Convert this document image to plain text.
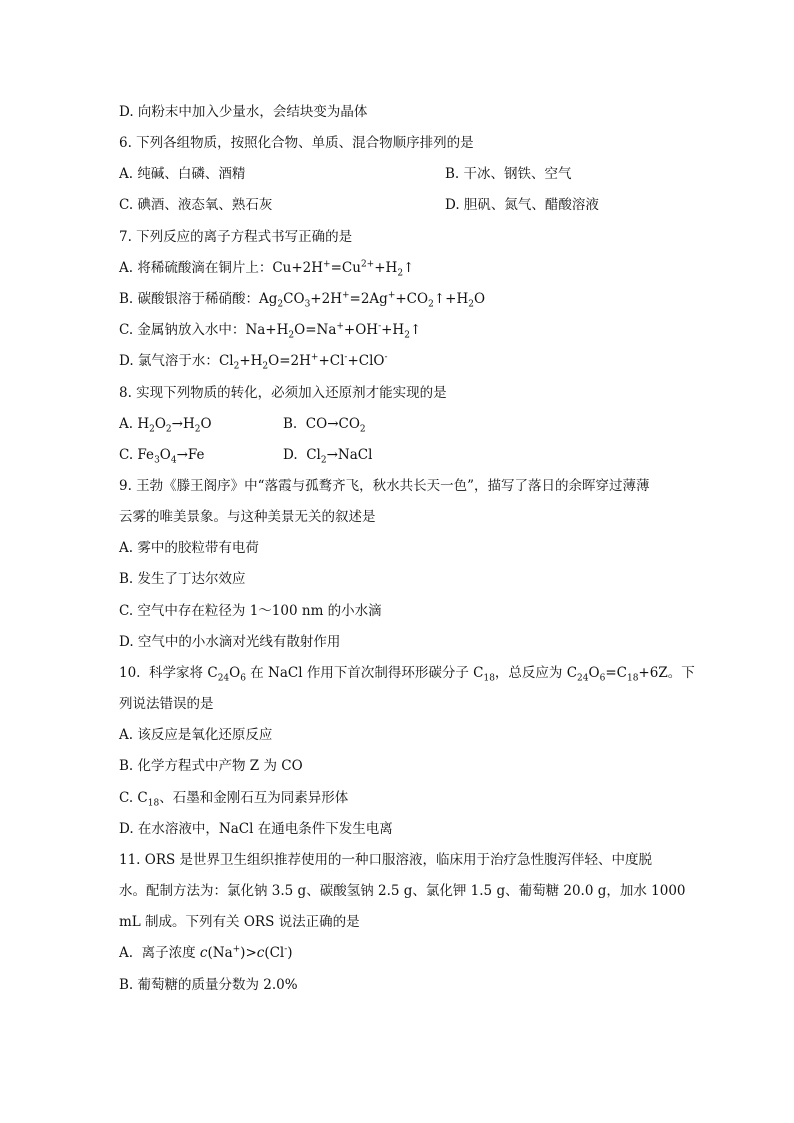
D. 向粉末中加入少量水，会结块变为晶体
6. 下列各组物质，按照化合物、单质、混合物顺序排列的是
A. 纯碱、白磷、酒精	B. 干冰、钢铁、空气
C. 碘酒、液态氧、熟石灰	D. 胆矾、氮气、醋酸溶液
7. 下列反应的离子方程式书写正确的是
A. 将稀硫酸滴在铜片上：$Cu+2H^+=Cu^{2+}+H_2↑$
B. 碳酸银溶于稀硝酸：$Ag_2CO_3+2H^+=2Ag^++CO_2↑+H_2O$
C. 金属钠放入水中：$Na+H_2O=Na^++OH^-+H_2↑$
D. 氯气溶于水：$Cl_2+H_2O=2H^++Cl^-+ClO^-$
8. 实现下列物质的转化，必须加入还原剂才能实现的是
A. $H_2O_2\to H_2O$	B.  $CO\to CO_2$
C. $Fe_3O_4\to Fe$	D.  $Cl_2\to NaCl$
9. 王勃《滕王阁序》中“落霞与孤鹜齐飞，秋水共长天一色”，描写了落日的余晖穿过薄薄
云雾的唯美景象。与这种美景无关的叙述是
A. 雾中的胶粒带有电荷
B. 发生了丁达尔效应
C. 空气中存在粒径为 1～100 nm 的小水滴
D. 空气中的小水滴对光线有散射作用
10.  科学家将 $C_{24}O_6$ 在 NaCl 作用下首次制得环形碳分子 $C_{18}$，总反应为 $C_{24}O_6=C_{18}+6Z$。下
列说法错误的是
A. 该反应是氧化还原反应
B. 化学方程式中产物 Z 为 CO
C. $C_{18}$、石墨和金刚石互为同素异形体
D. 在水溶液中，NaCl 在通电条件下发生电离
11. ORS 是世界卫生组织推荐使用的一种口服溶液，临床用于治疗急性腹泻伴轻、中度脱
水。配制方法为：氯化钠 3.5 g、碳酸氢钠 2.5 g、氯化钾 1.5 g、葡萄糖 20.0 g，加水 1000
mL 制成。下列有关 ORS 说法正确的是
A.  离子浓度 c(Na+)>c(Cl-)
B. 葡萄糖的质量分数为 2.0%
